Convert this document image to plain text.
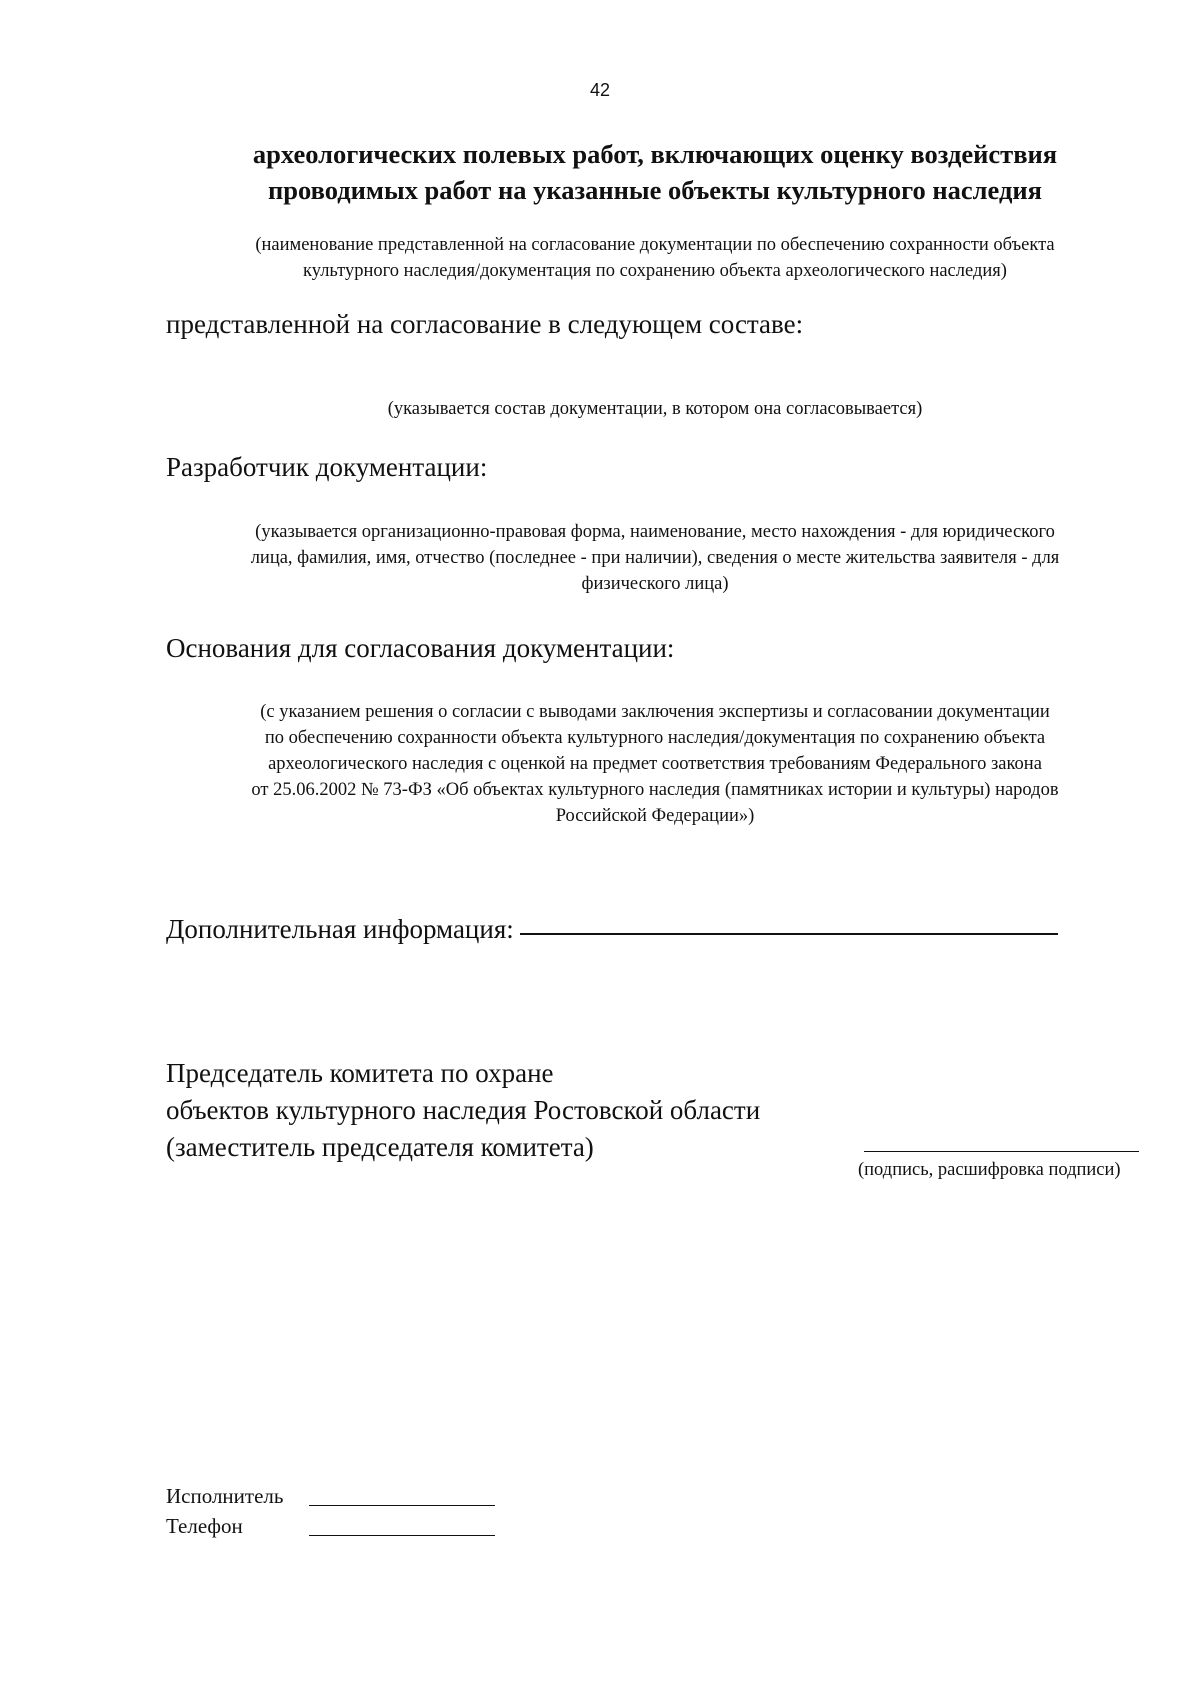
42
археологических полевых работ, включающих оценку воздействия
проводимых работ на указанные объекты культурного наследия
(наименование представленной на согласование документации по обеспечению сохранности объекта
культурного наследия/документация по сохранению объекта археологического наследия)
представленной на согласование в следующем составе:
(указывается состав документации, в котором она согласовывается)
Разработчик документации:
(указывается организационно-правовая форма, наименование, место нахождения - для юридического
лица, фамилия, имя, отчество (последнее - при наличии), сведения о месте жительства заявителя - для
физического лица)
Основания для согласования документации:
(с указанием решения о согласии с выводами заключения экспертизы и согласовании документации
по обеспечению сохранности объекта культурного наследия/документация по сохранению объекта
археологического наследия с оценкой на предмет соответствия требованиям Федерального закона
от 25.06.2002 № 73-ФЗ «Об объектах культурного наследия (памятниках истории и культуры) народов
Российской Федерации»)
Дополнительная информация:
Председатель комитета по охране
объектов культурного наследия Ростовской области
(заместитель председателя комитета)
(подпись, расшифровка подписи)
Исполнитель
Телефон
